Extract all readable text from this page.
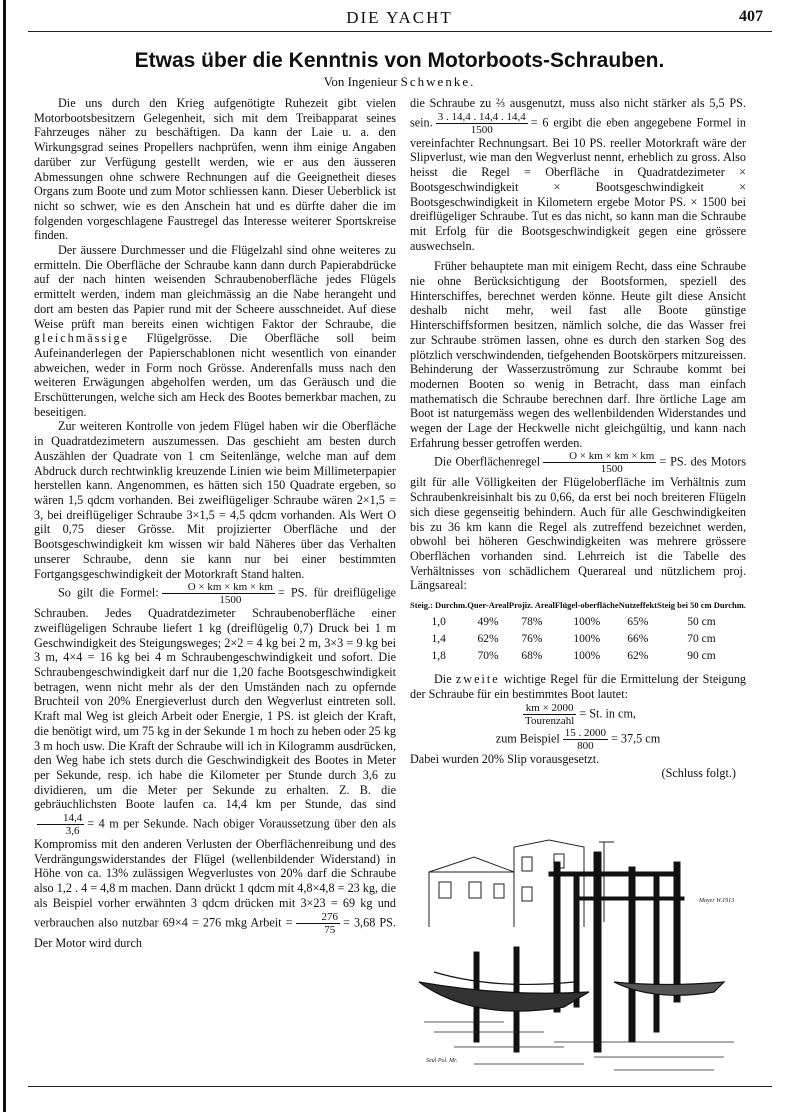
DIE YACHT	407
Etwas über die Kenntnis von Motorboots-Schrauben.
Von Ingenieur Schwenke.

Die uns durch den Krieg aufgenötigte Ruhezeit gibt vielen Motorbootsbesitzern Gelegenheit, sich mit dem Treibapparat seines Fahrzeuges näher zu beschäftigen. Da kann der Laie u. a. den Wirkungsgrad seines Propellers nachprüfen, wenn ihm einige Angaben darüber zur Verfügung gestellt werden, wie er aus den äusseren Abmessungen ohne schwere Rechnungen auf die Geeignetheit dieses Organs zum Boote und zum Motor schliessen kann. Dieser Ueberblick ist nicht so schwer, wie es den Anschein hat und es dürfte daher die im folgenden vorgeschlagene Faustregel das Interesse weiterer Sportskreise finden.

Der äussere Durchmesser und die Flügelzahl sind ohne weiteres zu ermitteln. Die Oberfläche der Schraube kann dann durch Papierabdrücke auf der nach hinten weisenden Schraubenoberfläche jedes Flügels ermittelt werden, indem man gleichmässig an die Nabe herangeht und dort am besten das Papier rund mit der Scheere ausschneidet. Auf diese Weise prüft man bereits einen wichtigen Faktor der Schraube, die gleichmässige Flügelgrösse. Die Oberfläche soll beim Aufeinanderlegen der Papierschablonen nicht wesentlich von einander abweichen, weder in Form noch Grösse. Anderenfalls muss nach den weiteren Erwägungen abgeholfen werden, um das Geräusch und die Erschütterungen, welche sich am Heck des Bootes bemerkbar machen, zu beseitigen.

Zur weiteren Kontrolle von jedem Flügel haben wir die Oberfläche in Quadratdezimetern auszumessen. Das geschieht am besten durch Auszählen der Quadrate von 1 cm Seitenlänge, welche man auf dem Abdruck durch rechtwinklig kreuzende Linien wie beim Millimeterpapier herstellen kann. Angenommen, es hätten sich 150 Quadrate ergeben, so wären 1,5 qdcm vorhanden. Bei zweiflügeliger Schraube wären 2×1,5 = 3, bei dreiflügeliger Schraube 3×1,5 = 4,5 qdcm vorhanden. Als Wert O gilt 0,75 dieser Grösse. Mit projizierter Oberfläche und der Bootsgeschwindigkeit km wissen wir bald Näheres über das Verhalten unserer Schraube, denn sie kann nur bei einer bestimmten Fortgangsgeschwindigkeit der Motorkraft Stand halten.

So gilt die Formel: $\frac{O \times km \times km \times km}{1500}$ = PS. für dreiflügelige Schrauben. Jedes Quadratdezimeter Schraubenoberfläche einer zweiflügeligen Schraube liefert 1 kg (dreiflügelig 0,7) Druck bei 1 m Geschwindigkeit des Steigungsweges; 2×2 = 4 kg bei 2 m, 3×3 = 9 kg bei 3 m, 4×4 = 16 kg bei 4 m Schraubengeschwindigkeit und sofort. Die Schraubengeschwindigkeit darf nur die 1,20 fache Bootsgeschwindigkeit betragen, wenn nicht mehr als der den Umständen nach zu opfernde Bruchteil von 20% Energieverlust durch den Wegverlust eintreten soll. Kraft mal Weg ist gleich Arbeit oder Energie, 1 PS. ist gleich der Kraft, die benötigt wird, um 75 kg in der Sekunde 1 m hoch zu heben oder 25 kg 3 m hoch usw. Die Kraft der Schraube will ich in Kilogramm ausdrücken, den Weg habe ich stets durch die Geschwindigkeit des Bootes in Meter per Sekunde, resp. ich habe die Kilometer per Stunde durch 3,6 zu dividieren, um die Meter per Sekunde zu erhalten. Z. B. die gebräuchlichsten Boote laufen ca. 14,4 km per Stunde, das sind
$\frac{14,4}{3,6} = 4$ m per Sekunde. Nach obiger Voraussetzung über den als Kompromiss mit den anderen Verlusten der Oberflächenreibung und des Verdrängungswiderstandes der Flügel (wellenbildender Widerstand) in Höhe von ca. 13% zulässigen Wegverlustes von 20% darf die Schraube also 1,2 . 4 = 4,8 m machen. Dann drückt 1 qdcm mit 4,8×4,8 = 23 kg, die als Beispiel vorher erwähnten 3 qdcm drücken mit 3×23 = 69 kg und verbrauchen also nutzbar 69×4 = 276 mkg Arbeit = $\frac{276}{75} = 3,68$ PS. Der Motor wird durch

die Schraube zu ⅔ ausgenutzt, muss also nicht stärker als 5,5 PS. sein. $\frac{3 . 14,4 . 14,4 . 14,4}{1500} = 6$ ergibt die eben angegebene Formel in vereinfachter Rechnungsart. Bei 10 PS. reeller Motorkraft wäre der Slipverlust, wie man den Wegverlust nennt, erheblich zu gross. Also heisst die Regel = Oberfläche in Quadratdezimeter × Bootsgeschwindigkeit × Bootsgeschwindigkeit × Bootsgeschwindigkeit in Kilometern ergebe Motor PS. × 1500 bei dreiflügeliger Schraube. Tut es das nicht, so kann man die Schraube mit Erfolg für die Bootsgeschwindigkeit gegen eine grössere auswechseln.

Früher behauptete man mit einigem Recht, dass eine Schraube nie ohne Berücksichtigung der Bootsformen, speziell des Hinterschiffes, berechnet werden könne. Heute gilt diese Ansicht deshalb nicht mehr, weil fast alle Boote günstige Hinterschiffsformen besitzen, nämlich solche, die das Wasser frei zur Schraube strömen lassen, ohne es durch den starken Sog des plötzlich verschwindenden, tiefgehenden Bootskörpers mitzureissen. Behinderung der Wasserzuströmung zur Schraube kommt bei modernen Booten so wenig in Betracht, dass man einfach mathematisch die Schraube berechnen darf. Ihre örtliche Lage am Boot ist naturgemäss wegen des wellenbildenden Widerstandes und wegen der Lage der Heckwelle nicht gleichgültig, und kann nach Erfahrung besser getroffen werden.

Die Oberflächenregel $\frac{O \times km \times km \times km}{1500}$ = PS. des Motors gilt für alle Völligkeiten der Flügeloberfläche im Verhältnis zum Schraubenkreisinhalt bis zu 0,66, da erst bei noch breiteren Flügeln sich diese gegenseitig behindern. Auch für alle Geschwindigkeiten bis zu 36 km kann die Regel als zutreffend bezeichnet werden, obwohl bei höheren Geschwindigkeiten was mehrere grössere Oberflächen vorhanden sind. Lehrreich ist die Tabelle des Verhältnisses von schädlichem Querareal und nützlichem proj. Längsareal:

Steig.: Durchm.	Quer-Areal	Projiz. Areal	Flügel-oberfläche	Nutzeffekt	Steig bei 50 cm Durchm.
1,0	49%	78%	100%	65%	50 cm
1,4	62%	76%	100%	66%	70 cm
1,8	70%	68%	100%	62%	90 cm

Die zweite wichtige Regel für die Ermittelung der Steigung der Schraube für ein bestimmtes Boot lautet:

$\frac{km \times 2000}{\text{Tourenzahl}} = St$. in cm,

zum Beispiel $\frac{15 . 2000}{800} = 37,5$ cm

Dabei wurden 20% Slip vorausgesetzt.

(Schluss folgt.)

Mayer W.1913
Seul Pol. Mr.
